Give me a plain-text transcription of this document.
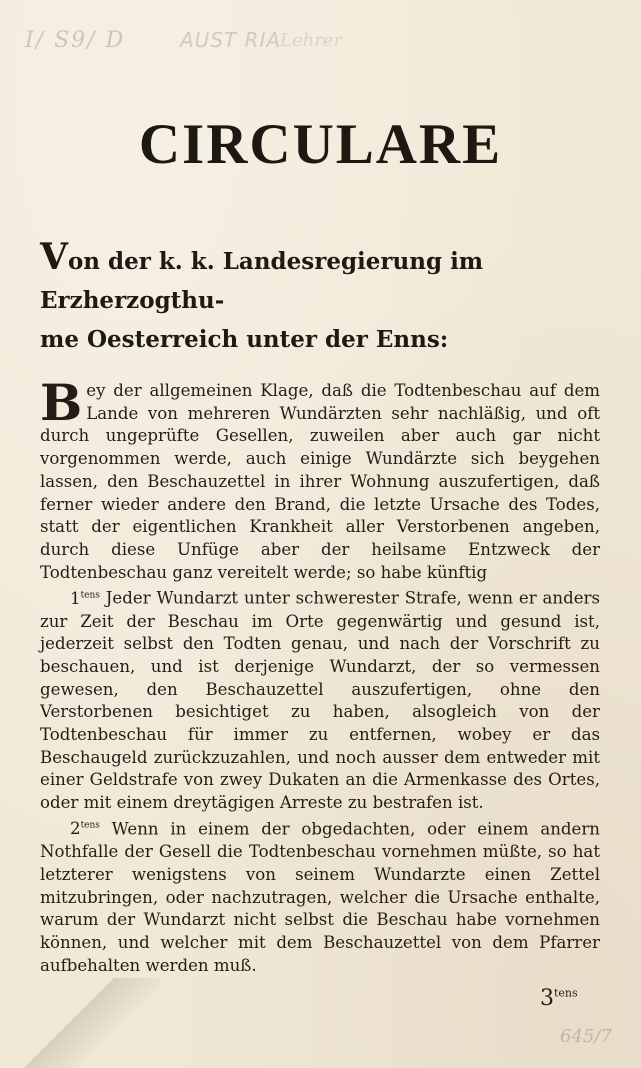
I/ S9/ D	AUST RIA
Lehrer
CIRCULARE
Von der k. k. Landesregierung im Erzherzogthu-
me Oesterreich unter der Enns:

Bey der allgemeinen Klage, daß die Todtenbeschau auf dem Lande von mehreren Wundärzten sehr nachläßig, und oft durch ungeprüfte Gesellen, zuweilen aber auch gar nicht vorgenommen werde, auch einige Wundärzte sich beygehen lassen, den Beschauzettel in ihrer Wohnung auszufertigen, daß ferner wieder andere den Brand, die letzte Ursache des Todes, statt der eigentlichen Krankheit aller Verstorbenen angeben, durch diese Unfüge aber der heilsame Entzweck der Todtenbeschau ganz vereitelt werde; so habe künftig

$1^{tens}$ Jeder Wundarzt unter schwerester Strafe, wenn er anders zur Zeit der Beschau im Orte gegenwärtig und gesund ist, jederzeit selbst den Todten genau, und nach der Vorschrift zu beschauen, und ist derjenige Wundarzt, der so vermessen gewesen, den Beschauzettel auszufertigen, ohne den Verstorbenen besichtiget zu haben, alsogleich von der Todtenbeschau für immer zu entfernen, wobey er das Beschaugeld zurückzuzahlen, und noch ausser dem entweder mit einer Geldstrafe von zwey Dukaten an die Armenkasse des Ortes, oder mit einem dreytägigen Arreste zu bestrafen ist.

$2^{tens}$ Wenn in einem der obgedachten, oder einem andern Nothfalle der Gesell die Todtenbeschau vornehmen müßte, so hat letzterer wenigstens von seinem Wundarzte einen Zettel mitzubringen, oder nachzutragen, welcher die Ursache enthalte, warum der Wundarzt nicht selbst die Beschau habe vornehmen können, und welcher mit dem Beschauzettel von dem Pfarrer aufbehalten werden muß.

$3^{tens}$
645/7
